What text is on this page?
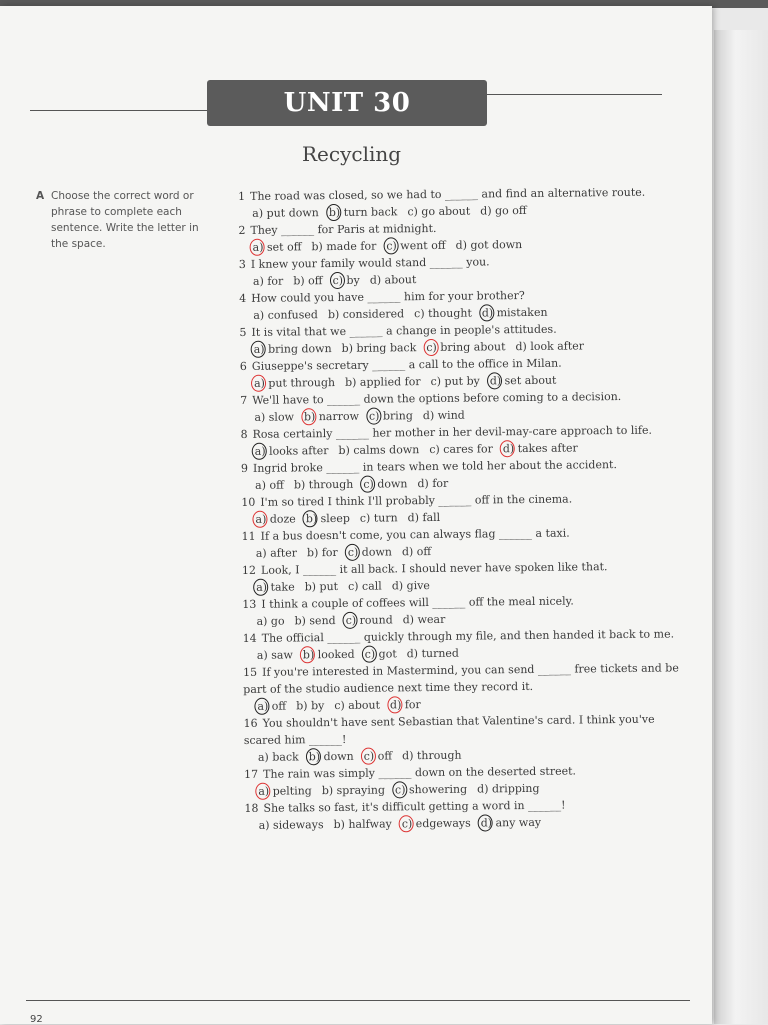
UNIT 30
Recycling
A Choose the correct word or phrase to complete each sentence. Write the letter in the space.
1 The road was closed, so we had to ______ and find an alternative route.
a) put down b) turn back c) go about d) go off
2 They ______ for Paris at midnight.
a) set off b) made for c) went off d) got down
3 I knew your family would stand ______ you.
a) for b) off c) by d) about
4 How could you have ______ him for your brother?
a) confused b) considered c) thought d) mistaken
5 It is vital that we ______ a change in people's attitudes.
a) bring down b) bring back c) bring about d) look after
6 Giuseppe's secretary ______ a call to the office in Milan.
a) put through b) applied for c) put by d) set about
7 We'll have to ______ down the options before coming to a decision.
a) slow b) narrow c) bring d) wind
8 Rosa certainly ______ her mother in her devil-may-care approach to life.
a) looks after b) calms down c) cares for d) takes after
9 Ingrid broke ______ in tears when we told her about the accident.
a) off b) through c) down d) for
10 I'm so tired I think I'll probably ______ off in the cinema.
a) doze b) sleep c) turn d) fall
11 If a bus doesn't come, you can always flag ______ a taxi.
a) after b) for c) down d) off
12 Look, I ______ it all back. I should never have spoken like that.
a) take b) put c) call d) give
13 I think a couple of coffees will ______ off the meal nicely.
a) go b) send c) round d) wear
14 The official ______ quickly through my file, and then handed it back to me.
a) saw b) looked c) got d) turned
15 If you're interested in Mastermind, you can send ______ free tickets and be part of the studio audience next time they record it.
a) off b) by c) about d) for
16 You shouldn't have sent Sebastian that Valentine's card. I think you've scared him ______!
a) back b) down c) off d) through
17 The rain was simply ______ down on the deserted street.
a) pelting b) spraying c) showering d) dripping
18 She talks so fast, it's difficult getting a word in ______!
a) sideways b) halfway c) edgeways d) any way
92
